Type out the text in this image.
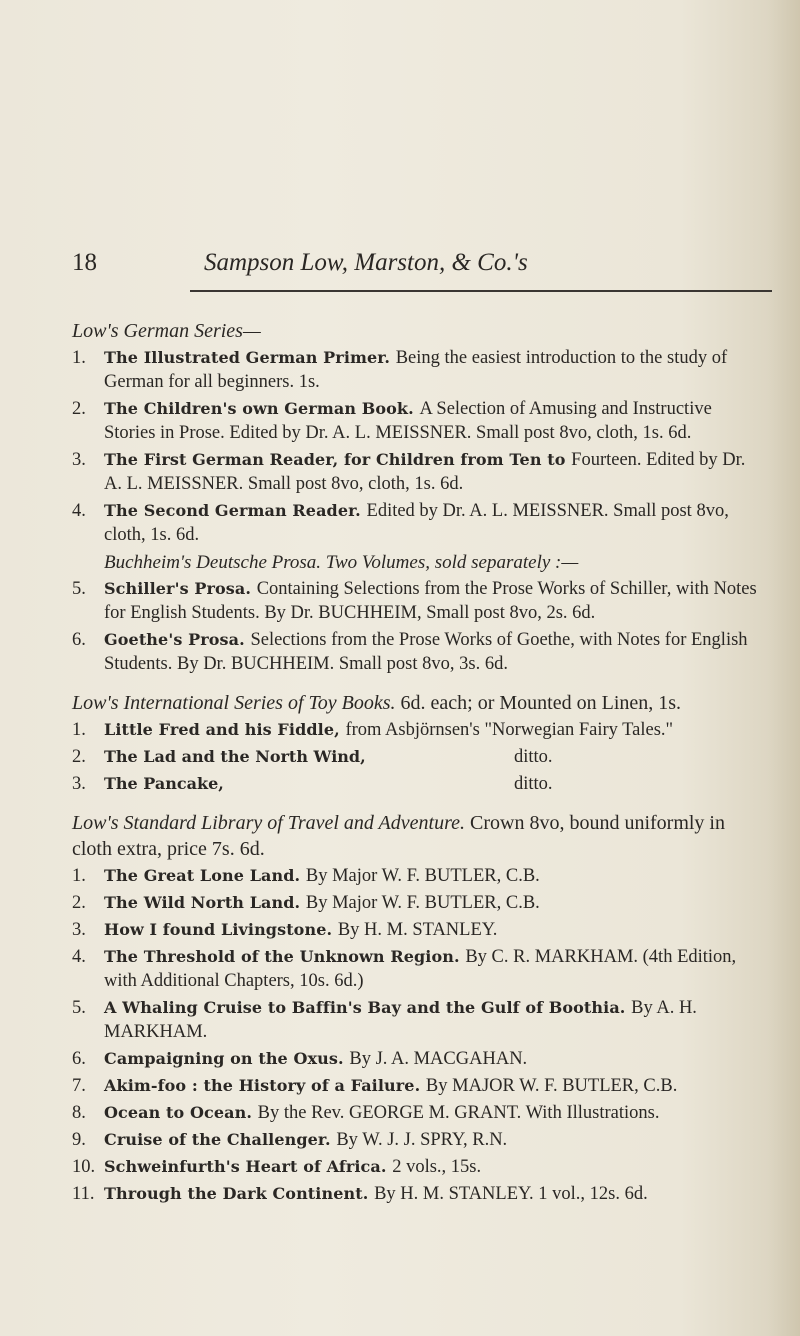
18	Sampson Low, Marston, & Co.'s

Low's German Series—

1.	The Illustrated German Primer. Being the easiest introduction to the study of German for all beginners. 1s.
2.	The Children's own German Book. A Selection of Amusing and Instructive Stories in Prose. Edited by Dr. A. L. MEISSNER. Small post 8vo, cloth, 1s. 6d.
3.	The First German Reader, for Children from Ten to Fourteen. Edited by Dr. A. L. MEISSNER. Small post 8vo, cloth, 1s. 6d.
4.	The Second German Reader. Edited by Dr. A. L. MEISSNER. Small post 8vo, cloth, 1s. 6d.

Buchheim's Deutsche Prosa. Two Volumes, sold separately :—

5.	Schiller's Prosa. Containing Selections from the Prose Works of Schiller, with Notes for English Students. By Dr. BUCHHEIM, Small post 8vo, 2s. 6d.
6.	Goethe's Prosa. Selections from the Prose Works of Goethe, with Notes for English Students. By Dr. BUCHHEIM. Small post 8vo, 3s. 6d.

Low's International Series of Toy Books. 6d. each; or Mounted on Linen, 1s.

1.	Little Fred and his Fiddle, from Asbjörnsen's "Norwegian Fairy Tales."
2. The Lad and the North Wind,	ditto.
3. The Pancake,	ditto.

Low's Standard Library of Travel and Adventure. Crown 8vo, bound uniformly in cloth extra, price 7s. 6d.

1.	The Great Lone Land. By Major W. F. BUTLER, C.B.
2.	The Wild North Land. By Major W. F. BUTLER, C.B.
3.	How I found Livingstone. By H. M. STANLEY.
4.	The Threshold of the Unknown Region. By C. R. MARKHAM. (4th Edition, with Additional Chapters, 10s. 6d.)
5.	A Whaling Cruise to Baffin's Bay and the Gulf of Boothia. By A. H. MARKHAM.
6.	Campaigning on the Oxus. By J. A. MACGAHAN.
7.	Akim-foo : the History of a Failure. By MAJOR W. F. BUTLER, C.B.
8.	Ocean to Ocean. By the Rev. GEORGE M. GRANT. With Illustrations.
9.	Cruise of the Challenger. By W. J. J. SPRY, R.N.
10. Schweinfurth's Heart of Africa. 2 vols., 15s.
11. Through the Dark Continent. By H. M. STANLEY. 1 vol., 12s. 6d.
